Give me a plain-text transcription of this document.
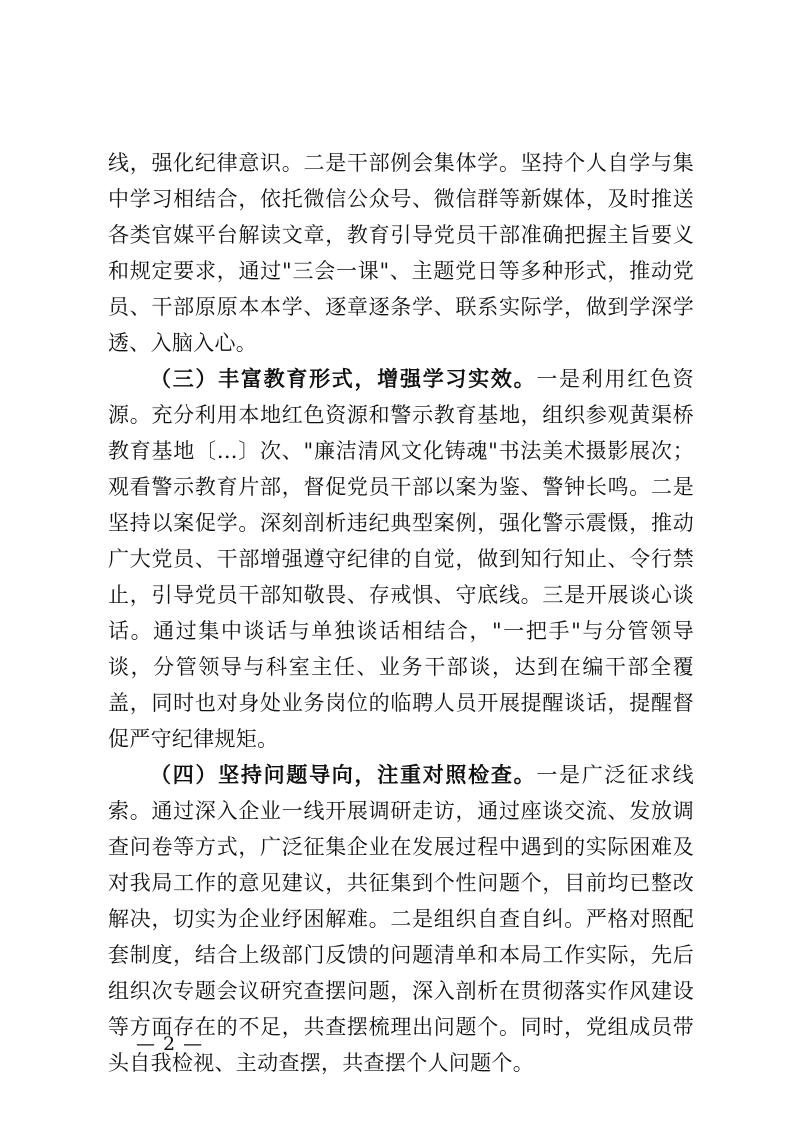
线，强化纪律意识。二是干部例会集体学。坚持个人自学与集中学习相结合，依托微信公众号、微信群等新媒体，及时推送各类官媒平台解读文章，教育引导党员干部准确把握主旨要义和规定要求，通过"三会一课"、主题党日等多种形式，推动党员、干部原原本本学、逐章逐条学、联系实际学，做到学深学透、入脑入心。

（三）丰富教育形式，增强学习实效。一是利用红色资源。充分利用本地红色资源和警示教育基地，组织参观黄渠桥教育基地〔...〕次、"廉洁清风文化铸魂"书法美术摄影展次；观看警示教育片部，督促党员干部以案为鉴、警钟长鸣。二是坚持以案促学。深刻剖析违纪典型案例，强化警示震慑，推动广大党员、干部增强遵守纪律的自觉，做到知行知止、令行禁止，引导党员干部知敬畏、存戒惧、守底线。三是开展谈心谈话。通过集中谈话与单独谈话相结合，"一把手"与分管领导谈，分管领导与科室主任、业务干部谈，达到在编干部全覆盖，同时也对身处业务岗位的临聘人员开展提醒谈话，提醒督促严守纪律规矩。

（四）坚持问题导向，注重对照检查。一是广泛征求线索。通过深入企业一线开展调研走访，通过座谈交流、发放调查问卷等方式，广泛征集企业在发展过程中遇到的实际困难及对我局工作的意见建议，共征集到个性问题个，目前均已整改解决，切实为企业纾困解难。二是组织自查自纠。严格对照配套制度，结合上级部门反馈的问题清单和本局工作实际，先后组织次专题会议研究查摆问题，深入剖析在贯彻落实作风建设等方面存在的不足，共查摆梳理出问题个。同时，党组成员带头自我检视、主动查摆，共查摆个人问题个。

— 2 —
